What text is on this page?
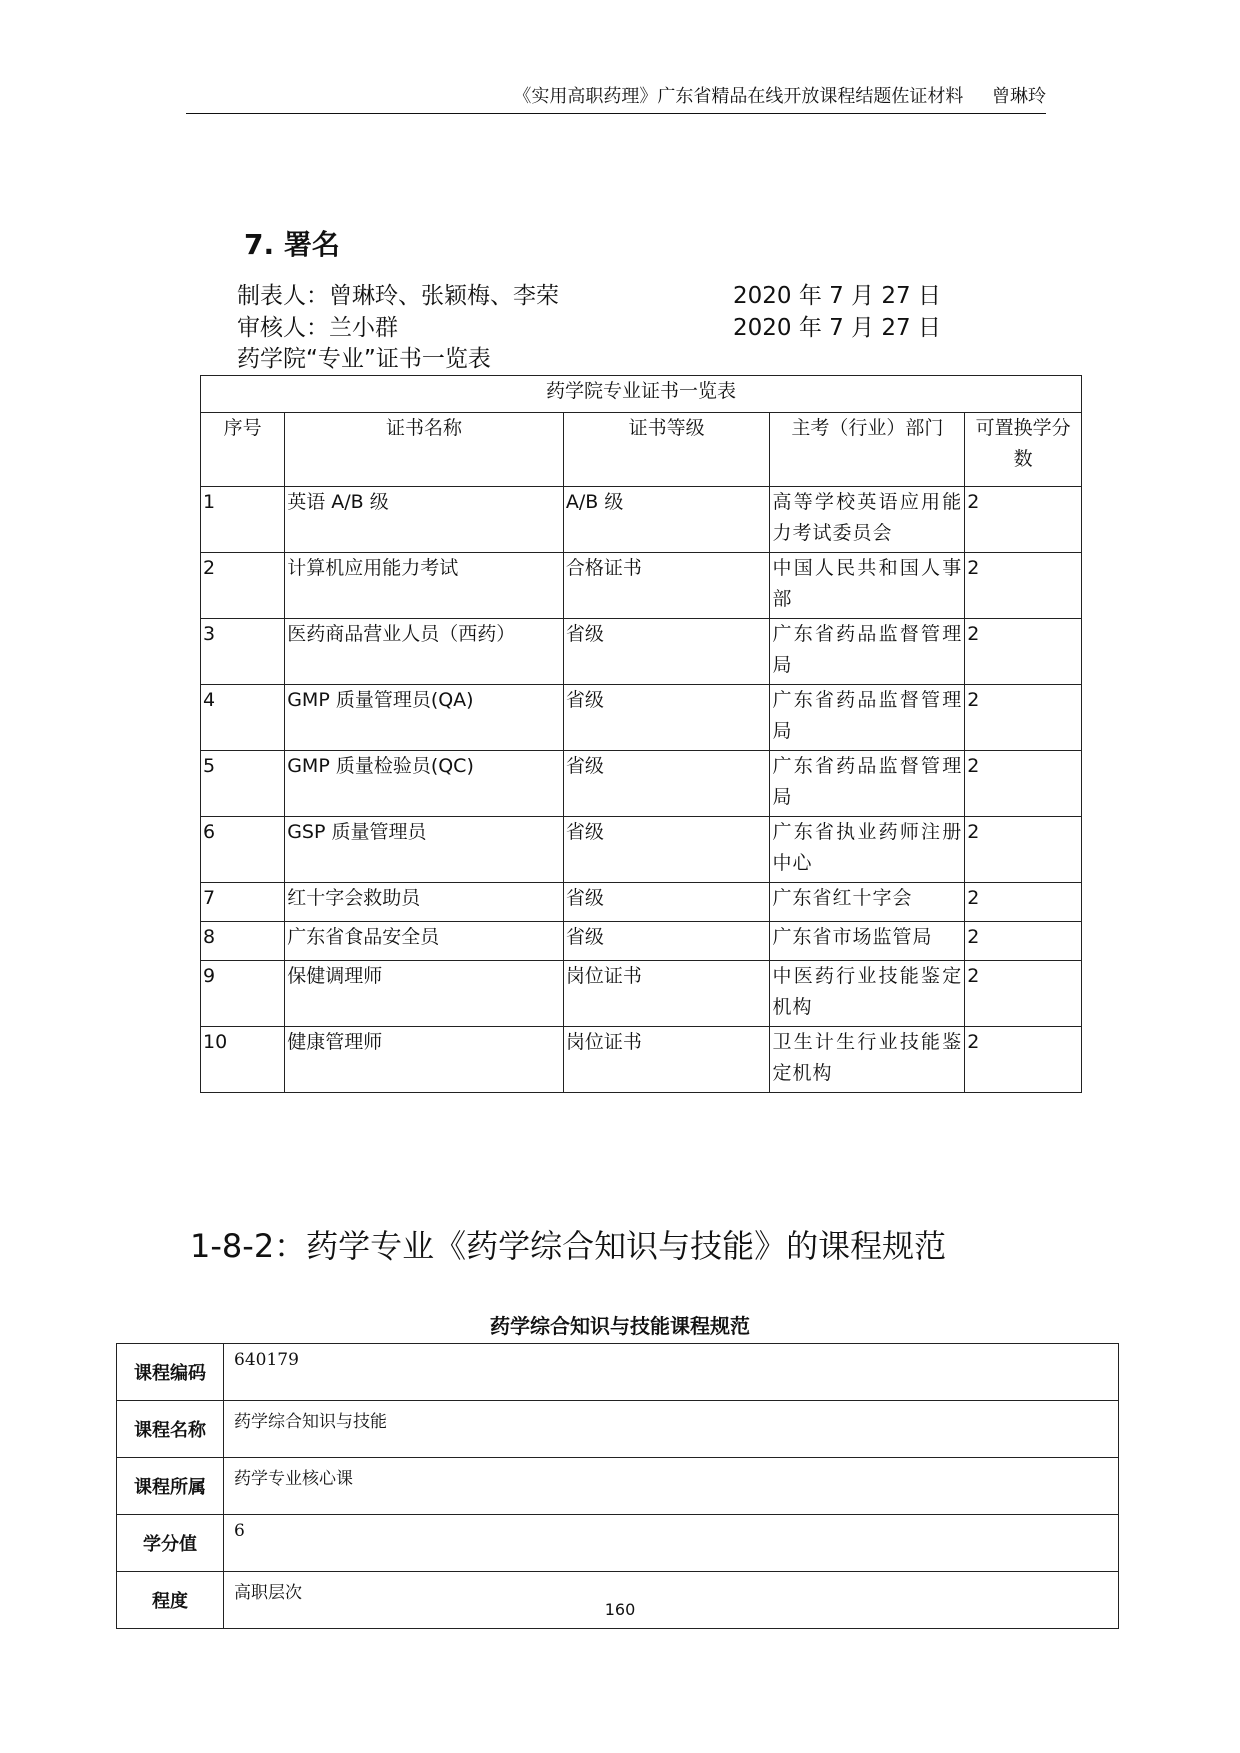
《实用高职药理》广东省精品在线开放课程结题佐证材料 曾琳玲
7. 署名
制表人：曾琳玲、张颖梅、李荣	2020 年 7 月 27 日
审核人：兰小群	2020 年 7 月 27 日
药学院“专业”证书一览表
药学院专业证书一览表				
序号	证书名称	证书等级	主考（行业）部门	可置换学分数
1	英语 A/B 级	A/B 级	高等学校英语应用能力考试委员会	2
2	计算机应用能力考试	合格证书	中国人民共和国人事部	2
3	医药商品营业人员（西药）	省级	广东省药品监督管理局	2
4	GMP 质量管理员(QA)	省级	广东省药品监督管理局	2
5	GMP 质量检验员(QC)	省级	广东省药品监督管理局	2
6	GSP 质量管理员	省级	广东省执业药师注册中心	2
7	红十字会救助员	省级	广东省红十字会	2
8	广东省食品安全员	省级	广东省市场监管局	2
9	保健调理师	岗位证书	中医药行业技能鉴定机构	2
10	健康管理师	岗位证书	卫生计生行业技能鉴定机构	2
1-8-2：药学专业《药学综合知识与技能》的课程规范
药学综合知识与技能课程规范
课程编码	640179
课程名称	药学综合知识与技能
课程所属	药学专业核心课
学分值	6
程度	高职层次
160
